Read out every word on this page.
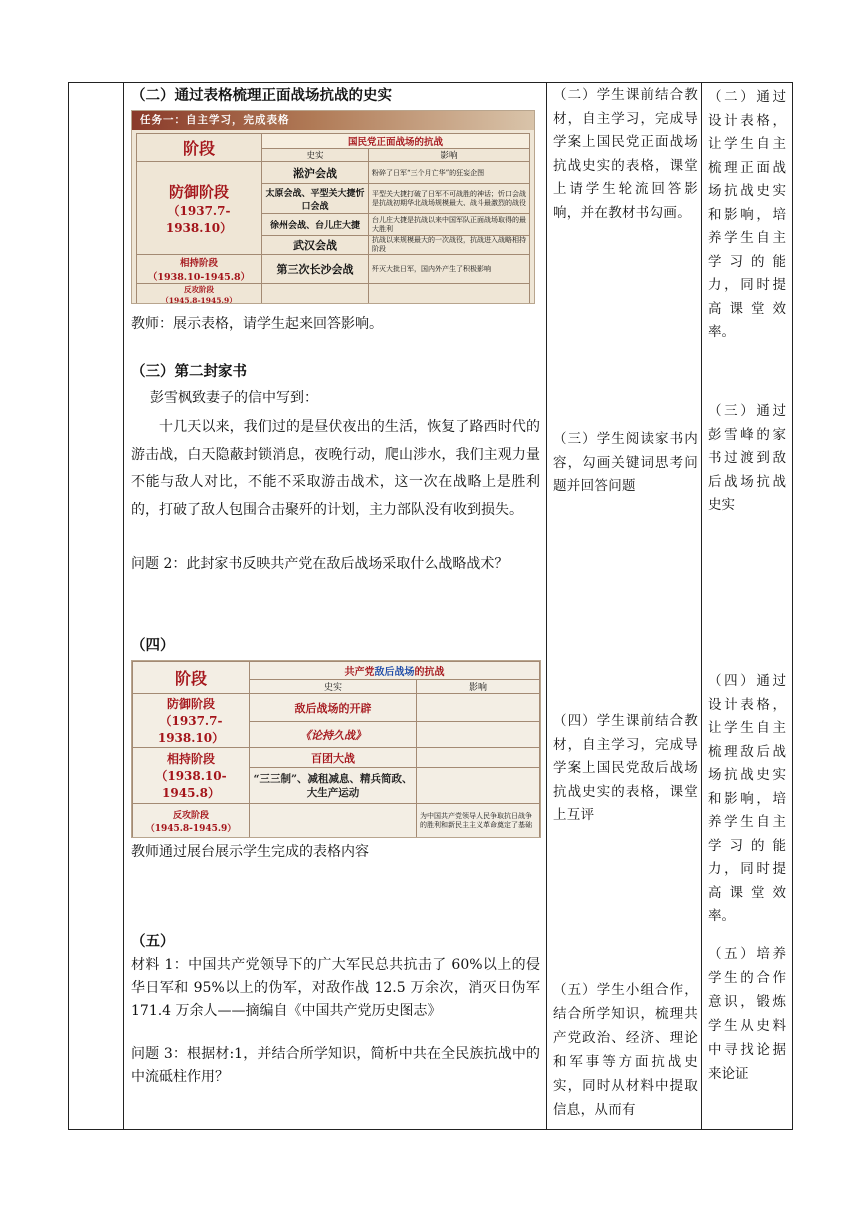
（二）通过表格梳理正面战场抗战的史实
任务一：自主学习，完成表格
阶段	国民党正面战场的抗战	
	史实	影响

防御阶段
（1937.7-1938.10）	淞沪会战	粉碎了日军“三个月亡华”的狂妄企图
	太原会战、平型关大捷忻口会战	平型关大捷打破了日军不可战胜的神话；忻口会战是抗战初期华北战场规模最大、战斗最激烈的战役
	徐州会战、台儿庄大捷	台儿庄大捷是抗战以来中国军队正面战场取得的最大胜利
	武汉会战	抗战以来规模最大的一次战役，抗战进入战略相持阶段

相持阶段
（1938.10-1945.8）	第三次长沙会战	歼灭大批日军，国内外产生了积极影响

反攻阶段
（1945.8-1945.9）		

教师：展示表格，请学生起来回答影响。
（三）第二封家书
彭雪枫致妻子的信中写到：
十几天以来，我们过的是昼伏夜出的生活，恢复了路西时代的游击战，白天隐蔽封锁消息，夜晚行动，爬山涉水，我们主观力量不能与敌人对比，不能不采取游击战术，这一次在战略上是胜利的，打破了敌人包围合击聚歼的计划，主力部队没有收到损失。
问题 2：此封家书反映共产党在敌后战场采取什么战略战术？
（四）
阶段	共产党敌后战场的抗战	
	史实	影响

防御阶段
（1937.7-1938.10）	敌后战场的开辟	
	《论持久战》	

相持阶段
（1938.10-1945.8）	百团大战	
	“三三制”、减租减息、精兵简政、大生产运动	

反攻阶段
（1945.8-1945.9）		为中国共产党领导人民争取抗日战争的胜利和新民主主义革命奠定了基础
教师通过展台展示学生完成的表格内容
（五）
材料 1：中国共产党领导下的广大军民总共抗击了 60%以上的侵华日军和 95%以上的伪军，对敌作战 12.5 万余次，消灭日伪军 171.4 万余人——摘编自《中国共产党历史图志》
问题 3：根据材:1，并结合所学知识，简析中共在全民族抗战中的中流砥柱作用？
（二）学生课前结合教材，自主学习，完成导学案上国民党正面战场抗战史实的表格，课堂上请学生轮流回答影响，并在教材书勾画。
（三）学生阅读家书内容，勾画关键词思考问题并回答问题
（四）学生课前结合教材，自主学习，完成导学案上国民党敌后战场抗战史实的表格，课堂上互评
（五）学生小组合作，结合所学知识，梳理共产党政治、经济、理论和军事等方面抗战史实，同时从材料中提取信息，从而有
（二）通过设计表格，让学生自主梳理正面战场抗战史实和影响，培养学生自主学习的能力，同时提高课堂效率。
（三）通过彭雪峰的家书过渡到敌后战场抗战史实
（四）通过设计表格，让学生自主梳理敌后战场抗战史实和影响，培养学生自主学习的能力，同时提高课堂效率。
（五）培养学生的合作意识，锻炼学生从史料中寻找论据来论证
